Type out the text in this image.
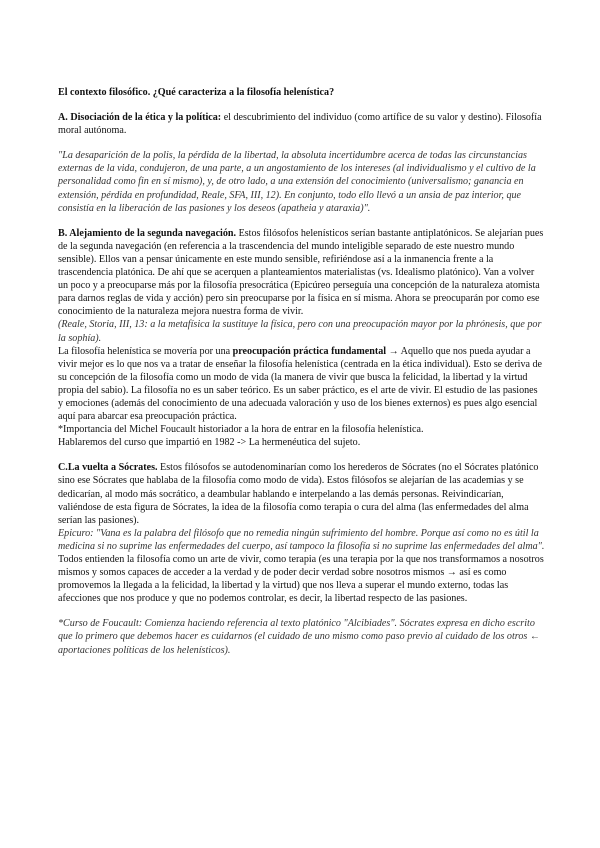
El contexto filosófico. ¿Qué caracteriza a la filosofía helenística?

A. Disociación de la ética y la política: el descubrimiento del individuo (como artífice de su valor y destino). Filosofía moral autónoma.

"La desaparición de la polis, la pérdida de la libertad, la absoluta incertidumbre acerca de todas las circunstancias externas de la vida, condujeron, de una parte, a un angostamiento de los intereses (al individualismo y el cultivo de la personalidad como fin en sí mismo), y, de otro lado, a una extensión del conocimiento (universalismo; ganancia en extensión, pérdida en profundidad, Reale, SFA, III, 12). En conjunto, todo ello llevó a un ansia de paz interior, que consistía en la liberación de las pasiones y los deseos (apatheia y ataraxia)".

B. Alejamiento de la segunda navegación. Estos filósofos helenísticos serían bastante antiplatónicos. Se alejarían pues de la segunda navegación (en referencia a la trascendencia del mundo inteligible separado de este nuestro mundo sensible). Ellos van a pensar únicamente en este mundo sensible, refiriéndose así a la inmanencia frente a la trascendencia platónica. De ahí que se acerquen a planteamientos materialistas (vs. Idealismo platónico). Van a volver un poco y a preocuparse más por la filosofía presocrática (Epicúreo perseguía una concepción de la naturaleza atomista para darnos reglas de vida y acción) pero sin preocuparse por la física en sí misma. Ahora se preocuparán por como ese conocimiento de la naturaleza mejora nuestra forma de vivir.

(Reale, Storia, III, 13: a la metafísica la sustituye la física, pero con una preocupación mayor por la phrónesis, que por la sophía).

La filosofía helenística se movería por una preocupación práctica fundamental → Aquello que nos pueda ayudar a vivir mejor es lo que nos va a tratar de enseñar la filosofía helenística (centrada en la ética individual). Esto se deriva de su concepción de la filosofía como un modo de vida (la manera de vivir que busca la felicidad, la libertad y la virtud propia del sabio). La filosofía no es un saber teórico. Es un saber práctico, es el arte de vivir. El estudio de las pasiones y emociones (además del conocimiento de una adecuada valoración y uso de los bienes externos) es pues algo esencial aquí para abarcar esa preocupación práctica.

*Importancia del Michel Foucault historiador a la hora de entrar en la filosofía helenística.

Hablaremos del curso que impartió en 1982 -> La hermenéutica del sujeto.

C.La vuelta a Sócrates. Estos filósofos se autodenominarían como los herederos de Sócrates (no el Sócrates platónico sino ese Sócrates que hablaba de la filosofía como modo de vida). Estos filósofos se alejarían de las academias y se dedicarían, al modo más socrático, a deambular hablando e interpelando a las demás personas. Reivindicarían, valiéndose de esta figura de Sócrates, la idea de la filosofía como terapia o cura del alma (las enfermedades del alma serían las pasiones).

Epicuro: "Vana es la palabra del filósofo que no remedia ningún sufrimiento del hombre. Porque así como no es útil la medicina si no suprime las enfermedades del cuerpo, así tampoco la filosofía si no suprime las enfermedades del alma".

Todos entienden la filosofía como un arte de vivir, como terapia (es una terapia por la que nos transformamos a nosotros mismos y somos capaces de acceder a la verdad y de poder decir verdad sobre nosotros mismos → así es como promovemos la llegada a la felicidad, la libertad y la virtud) que nos lleva a superar el mundo externo, todas las afecciones que nos produce y que no podemos controlar, es decir, la libertad respecto de las pasiones.

*Curso de Foucault: Comienza haciendo referencia al texto platónico "Alcibiades". Sócrates expresa en dicho escrito que lo primero que debemos hacer es cuidarnos (el cuidado de uno mismo como paso previo al cuidado de los otros ← aportaciones políticas de los helenísticos).
